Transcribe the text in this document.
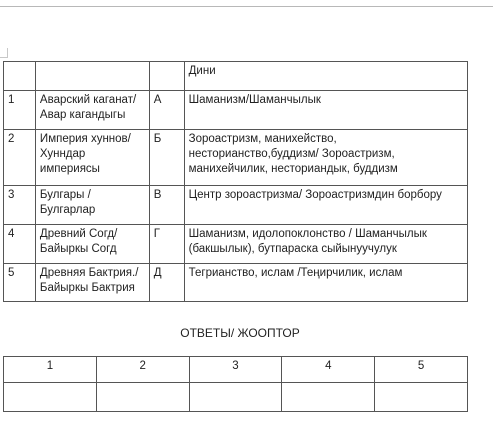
			Дини
1	Аварский каганат/ Авар кагандыгы	А	Шаманизм/Шаманчылык
2	Империя хуннов/ Хунндар империясы	Б	Зороастризм, манихейство, несторианство,буддизм/ Зороастризм, манихейчилик, несториандык, буддизм
3	Булгары /Булгарлар	В	Центр зороастризма/ Зороастризмдин борбору
4	Древний Согд/ Байыркы Согд	Г	Шаманизм, идолопоклонство / Шаманчылык (бакшылык), бутпараска сыйынуучулук
5	Древняя Бактрия./ Байыркы Бактрия	Д	Тегрианство, ислам /Теңирчилик, ислам
ОТВЕТЫ/ ЖООПТОР
1	2	3	4	5
